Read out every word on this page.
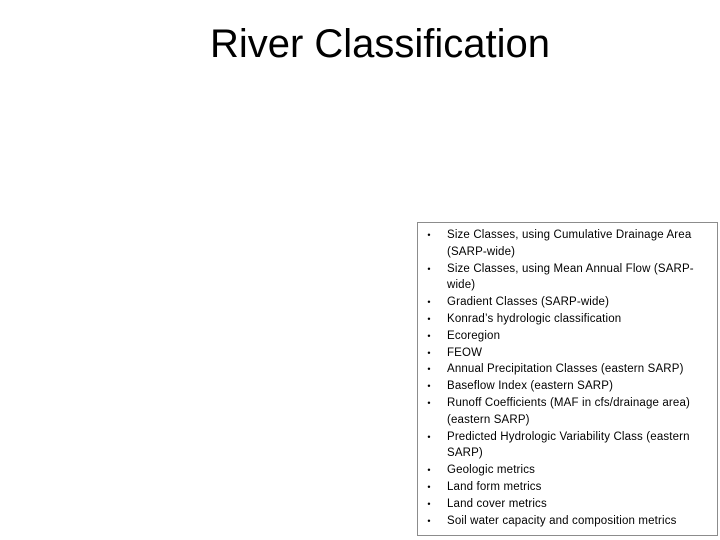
River Classification
• Size Classes, using Cumulative Drainage Area (SARP-wide)
• Size Classes, using Mean Annual Flow (SARP-wide)
• Gradient Classes (SARP-wide)
• Konrad’s hydrologic classification
• Ecoregion
• FEOW
• Annual Precipitation Classes (eastern SARP)
• Baseflow Index (eastern SARP)
• Runoff Coefficients (MAF in cfs/drainage area) (eastern SARP)
• Predicted Hydrologic Variability Class (eastern SARP)
• Geologic metrics
• Land form metrics
• Land cover metrics
• Soil water capacity and composition metrics
